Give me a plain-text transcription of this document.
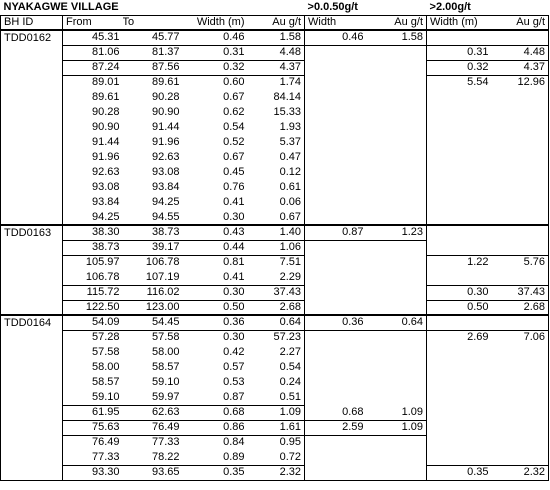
NYAKAGWE VILLAGE					>0.0.50g/t		>2.00g/t	
BH ID	From	To	Width (m)	Au g/t	Width	Au g/t	Width (m)	Au g/t
TDD0162	45.31	45.77	0.46	1.58	0.46	1.58		
	81.06	81.37	0.31	4.48			0.31	4.48
	87.24	87.56	0.32	4.37			0.32	4.37
	89.01	89.61	0.60	1.74			5.54	12.96
	89.61	90.28	0.67	84.14				
	90.28	90.90	0.62	15.33				
	90.90	91.44	0.54	1.93				
	91.44	91.96	0.52	5.37				
	91.96	92.63	0.67	0.47				
	92.63	93.08	0.45	0.12				
	93.08	93.84	0.76	0.61				
	93.84	94.25	0.41	0.06				
	94.25	94.55	0.30	0.67				
TDD0163	38.30	38.73	0.43	1.40	0.87	1.23		
	38.73	39.17	0.44	1.06				
	105.97	106.78	0.81	7.51			1.22	5.76
	106.78	107.19	0.41	2.29				
	115.72	116.02	0.30	37.43			0.30	37.43
	122.50	123.00	0.50	2.68			0.50	2.68
TDD0164	54.09	54.45	0.36	0.64	0.36	0.64		
	57.28	57.58	0.30	57.23			2.69	7.06
	57.58	58.00	0.42	2.27				
	58.00	58.57	0.57	0.54				
	58.57	59.10	0.53	0.24				
	59.10	59.97	0.87	0.51				
	61.95	62.63	0.68	1.09	0.68	1.09		
	75.63	76.49	0.86	1.61	2.59	1.09		
	76.49	77.33	0.84	0.95				
	77.33	78.22	0.89	0.72				
	93.30	93.65	0.35	2.32			0.35	2.32
